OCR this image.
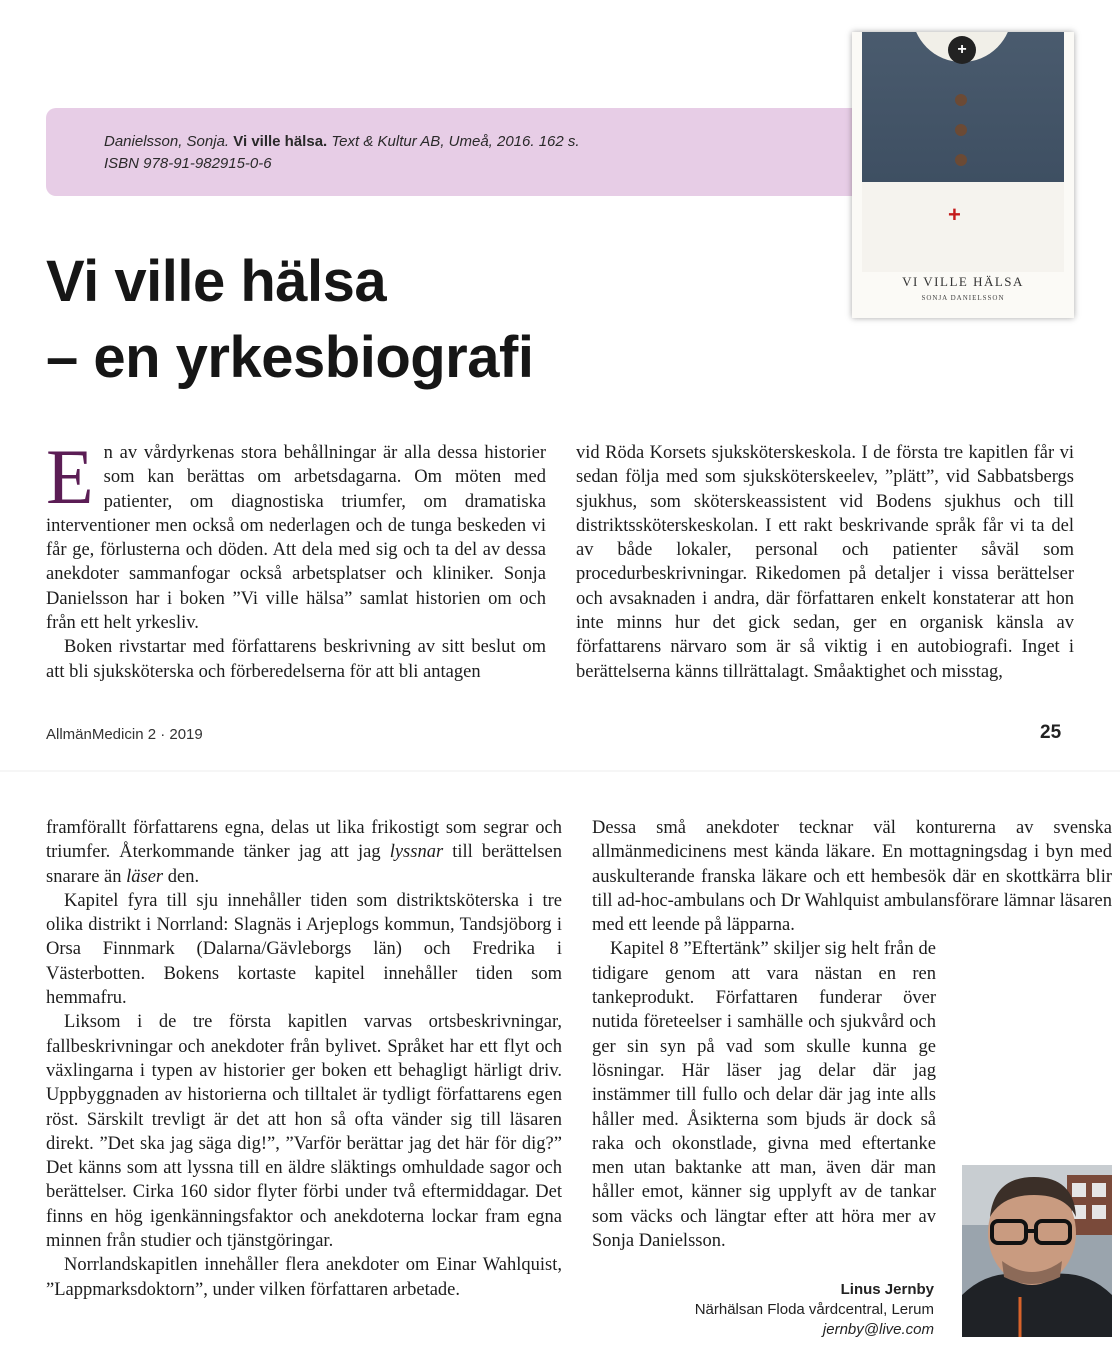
Danielsson, Sonja. Vi ville hälsa. Text & Kultur AB, Umeå, 2016. 162 s.
ISBN 978-91-982915-0-6
+
+
VI VILLE HÄLSA
SONJA DANIELSSON
Vi ville hälsa
– en yrkesbiografi

En av vårdyrkenas stora behållningar är alla dessa historier som kan berättas om arbetsdagarna. Om möten med patienter, om diagnostiska triumfer, om dramatiska interventioner men också om nederlagen och de tunga beskeden vi får ge, förlusterna och döden. Att dela med sig och ta del av dessa anekdoter sammanfogar också arbetsplatser och kliniker. Sonja Danielsson har i boken ”Vi ville hälsa” samlat historien om och från ett helt yrkesliv.

Boken rivstartar med författarens beskrivning av sitt beslut om att bli sjuksköterska och förberedelserna för att bli antagen

vid Röda Korsets sjuksköterskeskola. I de första tre kapitlen får vi sedan följa med som sjuksköterskeelev, ”plätt”, vid Sabbatsbergs sjukhus, som sköterskeassistent vid Bodens sjukhus och till distriktssköterskeskolan. I ett rakt beskrivande språk får vi ta del av både lokaler, personal och patienter såväl som procedurbeskrivningar. Rikedomen på detaljer i vissa berättelser och avsaknaden i andra, där författaren enkelt konstaterar att hon inte minns hur det gick sedan, ger en organisk känsla av författarens närvaro som är så viktig i en autobiografi. Inget i berättelserna känns tillrättalagt. Småaktighet och misstag,

AllmänMedicin 2 · 2019	25

framförallt författarens egna, delas ut lika frikostigt som segrar och triumfer. Återkommande tänker jag att jag lyssnar till berättelsen snarare än läser den.

Kapitel fyra till sju innehåller tiden som distriktsköterska i tre olika distrikt i Norrland: Slagnäs i Arjeplogs kommun, Tandsjöborg i Orsa Finnmark (Dalarna/Gävleborgs län) och Fredrika i Västerbotten. Bokens kortaste kapitel innehåller tiden som hemmafru.

Liksom i de tre första kapitlen varvas ortsbeskrivningar, fallbeskrivningar och anekdoter från bylivet. Språket har ett flyt och växlingarna i typen av historier ger boken ett behagligt härligt driv. Uppbyggnaden av historierna och tilltalet är tydligt författarens egen röst. Särskilt trevligt är det att hon så ofta vänder sig till läsaren direkt. ”Det ska jag säga dig!”, ”Varför berättar jag det här för dig?” Det känns som att lyssna till en äldre släktings omhuldade sagor och berättelser. Cirka 160 sidor flyter förbi under två eftermiddagar. Det finns en hög igenkänningsfaktor och anekdoterna lockar fram egna minnen från studier och tjänstgöringar.

Norrlandskapitlen innehåller flera anekdoter om Einar Wahlquist, ”Lappmarksdoktorn”, under vilken författaren arbetade.

Dessa små anekdoter tecknar väl konturerna av svenska allmänmedicinens mest kända läkare. En mottagningsdag i byn med auskulterande franska läkare och ett hembesök där en skottkärra blir till ad-hoc-ambulans och Dr Wahlquist ambulansförare lämnar läsaren med ett leende på läpparna.

Kapitel 8 ”Eftertänk” skiljer sig helt från de tidigare genom att vara nästan en ren tankeprodukt. Författaren funderar över nutida företeelser i samhälle och sjukvård och ger sin syn på vad som skulle kunna ge lösningar. Här läser jag delar där jag instämmer till fullo och delar där jag inte alls håller med. Åsikterna som bjuds är dock så raka och okonstlade, givna med eftertanke men utan baktanke att man, även där man håller emot, känner sig upplyft av de tankar som väcks och längtar efter att höra mer av Sonja Danielsson.

Linus Jernby
Närhälsan Floda vårdcentral, Lerum
jernby@live.com
